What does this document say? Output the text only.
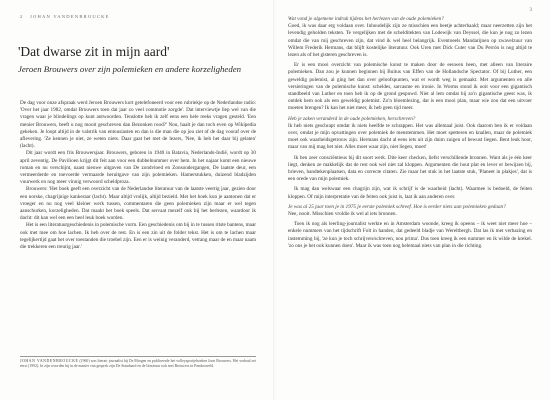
2 JOHAN VANDENBROUCKE
'Dat dwarse zit in mijn aard'
Jeroen Brouwers over zijn polemieken en andere korzeligheden

De dag voor onze afspraak werd Jeroen Brouwers kort getelefoneerd voor een rubriekje op de Nederlandse radio: 'Over het jaar 1982, omdat Brouwers toen dat jaar zo veel commotie zorgde'. Dat interviewtje liep wel van die vragen waar je blindelings op kunt antwoorden. Tenslotte heb ik zelf eens een hele reeks vragen gesteld. 'Een menier Brouwers, beeft u nog mooit geschreven dan Bezonken rood?' Nou, haalt je dan toch even op Wikipedia gekeken. Je loopt altijd in de valstrik van entousiasten en dan is die man die op jou ziet of de dag vooraf over de aflevering. 'Ze kennen je niet, ze weten niets. Daar gaat het met de lezers, 'Nee, ik heb het daar bij gelaten' (lacht).

Dit jaar wordt een fris Brouwersjaar. Brouwers, geboren in 1940 in Batavia, Nederlands-Indië, wordt op 30 april zeventig. De Pavilioen krijgt dit feit aan voor een dubbelnummer over hem. In het najaar komt een nieuwe roman en nu verschijnt, naast nieuwe uitgaven van De zondvloed en Zonsondergangen, De laatste deur, een vermeerderde en toevoerde vermaarde heruitgave van zijn polemieken. Hamerstukken, duizend bladzijden vuurwerk en nog meer vinnig verwoord scheldproza.

Brouwers: 'Het boek geeft een overzicht van de Nederlandse literatuur van de laatste veertig jaar, gezien door een norske, chagrijnige kankeraar (lacht). Maar altijd vrolijk, altijd bezield. Met het boek kun je aantonen dat er vroeger en nu nog veel kleiner werk tussen, commentaren die geen polemieken zijn maar er wel tegen aanschurken, korzeligheden. Dat maakt het boek speels. Dat servaat mezelf ook bij het herlezen, waardoor ik dacht: dit kan wel een een heel leuk boek worden.

Het is een literatuurgeschiedenis in polemische vorm. Een geschiedenis om bij in te tussen ritste bantens, maar ook met mee om hoe lachen. Ik heb over de rest. En is een zin uit de folder tekst. Het is om te lachen maar tegelijkertijd gaat het over toestanden die troebel zijn. Een er is weinig veranderd, vetrang maar de en maar naam die trekkeren een treurig jaar.'

JOHAN VANDENBROUCKE (1960) was literair journalist bij De Morgen en publiceerde het volleysportjeboeken Joon Brouwers. Het verhaal zet eerst (1992). In zijn woorden hij in de manier van gesprek zijn De Standaard en de literatuur ook met Brouwers in Pandoraveld.
Wat vond je algemene indruk tijdens het herlezen van de oude polemieken?
Goed, ik was daar erg voldaan over. Inhoudelijk zijn ze misschien een beetje achterhaald; maar neerzetten zijn het levendig geholden teksten. Te vergelijken met de schelditekten van Lodewijk van Deyssel, die kun je nog zo lezen omdat die van mij geschreven zijn, dat vind ik wel heel belangrijk. Eventoeels Mandarijnen op zwavelzuur van Willem Frederik Hermans, dat blijft kostelijke literatuur. Ook Uren met Dick Cuter van Du Perrón is nog altijd te lezen als of het gisteren geschreven is.
Er is een mooi overzicht van polemische kunst te maken door de eeuwen heen, met alleen van literaire polemieken. Dan zou je kunnen beginnen bij Buitus van Effen van de Hollandsche Spectator. Of bij Luther, een geweldig polemist, al ging het dan over geloofspunten, wat er wordt weg is gemaakt. Met argumenten en alle versieringen van de polemische kunst: scheldes, sarcasme en ironie. In Worms stond ik ooit voor een gigantisch standbeeld van Luther en toen heb ik op de grond gespuwd. Niet al lem omdat hij zo'n gigantische geest was, ik ontdek hem ook als een geweldig polemist. Zo'n bloemlezing, dat is een mooi plan, maar wie zou dat een uitvoer moeten brengen? Ik kan het niet meer, ik heb geen tijd meer.
Heb je zaken veranderd in de oude polemieken, herschreven?
Ik heb niets geschrapt omdat ik niets heelfde te schrappen. Het was allemaal juist. Ook daarom ben ik er voldaan over, omdat je mijn opvattingen over polemiek de menstemmen. Het moet spetteren en knallen, maar de polemiek moet ook waarheidsgetrouw zijn. Hermans dacht al eens iets uit zijn duim zuigen of bewust liegen. Bent leuk hoor, maar van mij mag het niet. Alles moet waar zijn, niet liegen, moet!
Ik ben zeer consciëntieus bij dit soort werk. Dite keer checken, liefst verschillende bronnen. Want als je één keer liegt, denken ze makkelijk dat de rest ook wel niet zal kloppen. Argumenten die hout plat en lever er bewijzen bij, brieven, handtekenplaatsen, data en correcte citaten. Zie maar het stuk in het laatste stuk, 'Planeet in plakjes', dat is een orede van mijn polemiek.
Ik mag dan welswaar een chagrijn zijn, wat ik schrijf is de waarheid (lacht). Waarmee is bedoeld, de feiten kloppen. Of mijn interpretatie van de feiten ook juist is, laat ik aan anderen over.
Je was al 25 jaar toen je in 1975 je eerste polemiek schreef. Hoe is eerder niets aan polemieken gedaan?
Nee, nooit. Misschien vroldie ik wel al iets bronnen.
Toen ik nog als leerling-journalist werkte en in Amsterdam woonde, kreeg ik opeens – ik weet niet meer hoe – enkele nummers van het tijdschrift Folt in handen, dat gedeeld bladje van Wereltbergh. Dat las ik met verbazing en instemming bij, 'ze kun je toch schrijven/schreven, nou prima'. Dus toen kreeg ik een nummer en ik wilde de krekel. 'zo ons je het ook kunnen doen'. Maar ik was toen nog helemaal niets van plan in die richting.
3
